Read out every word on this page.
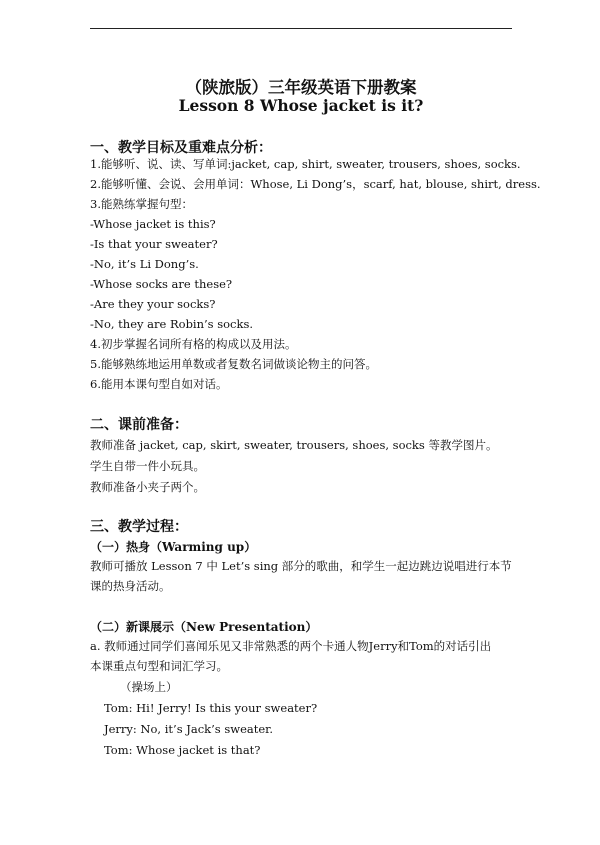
（陕旅版）三年级英语下册教案
Lesson 8 Whose jacket is it?
一、教学目标及重难点分析：
1.能够听、说、读、写单词:jacket, cap, shirt, sweater, trousers, shoes, socks.
2.能够听懂、会说、会用单词：Whose, Li Dong’s，scarf, hat, blouse, shirt, dress.
3.能熟练掌握句型：
-Whose jacket is this?
-Is that your sweater?
-No, it’s Li Dong’s.
-Whose socks are these?
-Are they your socks?
-No, they are Robin’s socks.
4.初步掌握名词所有格的构成以及用法。
5.能够熟练地运用单数或者复数名词做谈论物主的问答。
6.能用本课句型自如对话。
二、课前准备：
教师准备 jacket, cap, skirt, sweater, trousers, shoes, socks 等教学图片。
学生自带一件小玩具。
教师准备小夹子两个。
三、教学过程：
（一）热身（Warming up）
教师可播放 Lesson 7 中 Let’s sing 部分的歌曲，和学生一起边跳边说唱进行本节
课的热身活动。
（二）新课展示（New Presentation）
a. 教师通过同学们喜闻乐见又非常熟悉的两个卡通人物Jerry和Tom的对话引出
本课重点句型和词汇学习。
（操场上）
Tom: Hi! Jerry! Is this your sweater?
Jerry: No, it’s Jack’s sweater.
Tom: Whose jacket is that?
